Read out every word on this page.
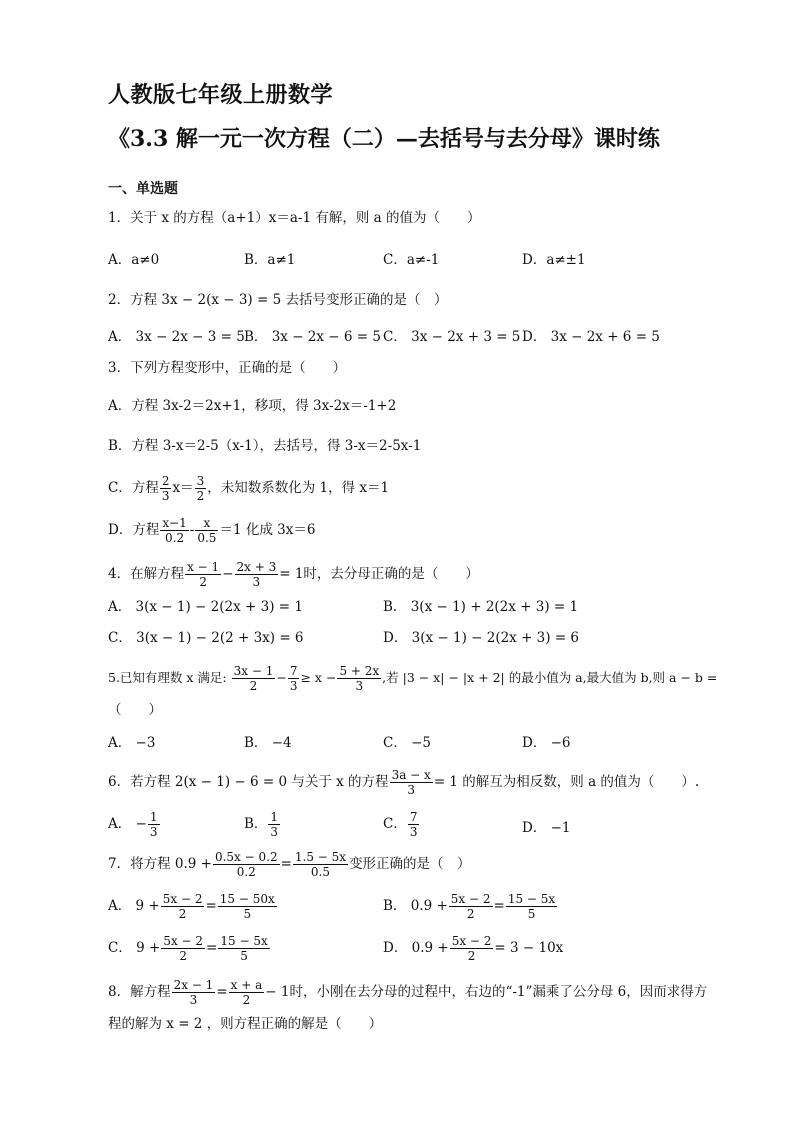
人教版七年级上册数学
《3.3 解一元一次方程（二）—去括号与去分母》课时练
一、单选题
1．关于 x 的方程（a+1）x＝a-1 有解，则 a 的值为（　　）
A．a≠0	B．a≠1	C．a≠-1	D．a≠±1
2．方程 3x − 2(x − 3) = 5 去括号变形正确的是（　）
A． 3x − 2x − 3 = 5 B． 3x − 2x − 6 = 5 C． 3x − 2x + 3 = 5 D． 3x − 2x + 6 = 5
3．下列方程变形中，正确的是（　　）
A．方程 3x-2＝2x+1，移项，得 3x-2x＝-1+2
B．方程 3-x＝2-5（x-1），去括号，得 3-x＝2-5x-1
C．方程 $\frac{2}{3} x= \frac{3}{2}$ ，未知数系数化为 1，得 x＝1
D．方程 $\frac{x-1}{0.2} - \frac{x}{0.5} =1$ 化成 3x＝6
4．在解方程 $\frac{x - 1}{2} - \frac{2x + 3}{3} = 1$时，去分母正确的是（　　）
A． 3(x − 1) − 2(2x + 3) = 1	B． 3(x − 1) + 2(2x + 3) = 1
C． 3(x − 1) − 2(2 + 3x) = 6	D． 3(x − 1) − 2(2x + 3) = 6
5.已知有理数 x 满足: $\frac{3x - 1}{2} - \frac{7}{3} \ge x - \frac{5 + 2x}{3}$ ,若 |3 − x| − |x + 2| 的最小值为 a,最大值为 b,则 a − b =
（　　）
A． −3	B． −4	C． −5	D． −6
6．若方程 2(x − 1) − 6 = 0 与关于 x 的方程 $\frac{3a - x}{3} = 1$ 的解互为相反数，则 a 的值为（　　）.
A． − $\frac{1}{3}$	B． $\frac{1}{3}$	C． $\frac{7}{3}$	D． −1
7．将方程 $0.9 + \frac{0.5x - 0.2}{0.2} = \frac{1.5 - 5x}{0.5}$ 变形正确的是（　）
A． $9 + \frac{5x - 2}{2} = \frac{15 - 50x}{5}$	B． $0.9 + \frac{5x - 2}{2} = \frac{15 - 5x}{5}$
C． $9 + \frac{5x - 2}{2} = \frac{15 - 5x}{5}$	D． $0.9 + \frac{5x - 2}{2} = 3 - 10x$
8．解方程 $\frac{2x - 1}{3} = \frac{x + a}{2} - 1$时，小刚在去分母的过程中，右边的“-1”漏乘了公分母 6，因而求得方
程的解为 x = 2 ，则方程正确的解是（　　）
